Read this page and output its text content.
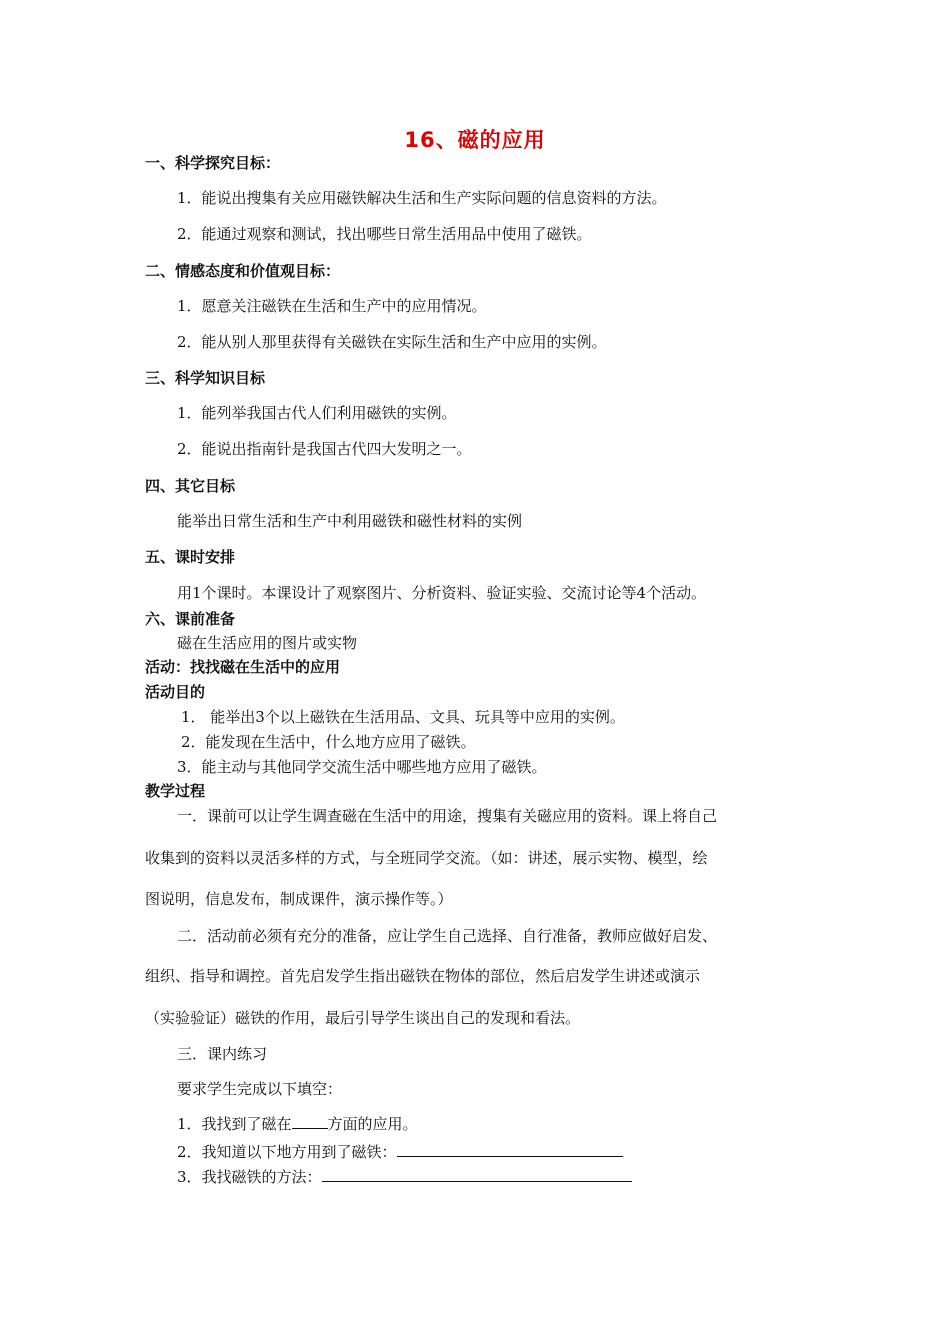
16、磁的应用
一、科学探究目标：
1．能说出搜集有关应用磁铁解决生活和生产实际问题的信息资料的方法。
2．能通过观察和测试，找出哪些日常生活用品中使用了磁铁。
二、情感态度和价值观目标：
1．愿意关注磁铁在生活和生产中的应用情况。
2．能从别人那里获得有关磁铁在实际生活和生产中应用的实例。
三、科学知识目标
1．能列举我国古代人们利用磁铁的实例。
2．能说出指南针是我国古代四大发明之一。
四、其它目标
能举出日常生活和生产中利用磁铁和磁性材料的实例
五、课时安排
用1个课时。本课设计了观察图片、分析资料、验证实验、交流讨论等4个活动。
六、课前准备
磁在生活应用的图片或实物
活动：找找磁在生活中的应用
活动目的
1． 能举出3个以上磁铁在生活用品、文具、玩具等中应用的实例。
2．能发现在生活中，什么地方应用了磁铁。
3．能主动与其他同学交流生活中哪些地方应用了磁铁。
教学过程
一．课前可以让学生调查磁在生活中的用途，搜集有关磁应用的资料。课上将自己
收集到的资料以灵活多样的方式，与全班同学交流。（如：讲述，展示实物、模型，绘
图说明，信息发布，制成课件，演示操作等。）
二．活动前必须有充分的准备，应让学生自己选择、自行准备，教师应做好启发、
组织、指导和调控。首先启发学生指出磁铁在物体的部位，然后启发学生讲述或演示
（实验验证）磁铁的作用，最后引导学生谈出自己的发现和看法。
三．课内练习
要求学生完成以下填空：
1．我找到了磁在 方面的应用。
2．我知道以下地方用到了磁铁：
3．我找磁铁的方法：
